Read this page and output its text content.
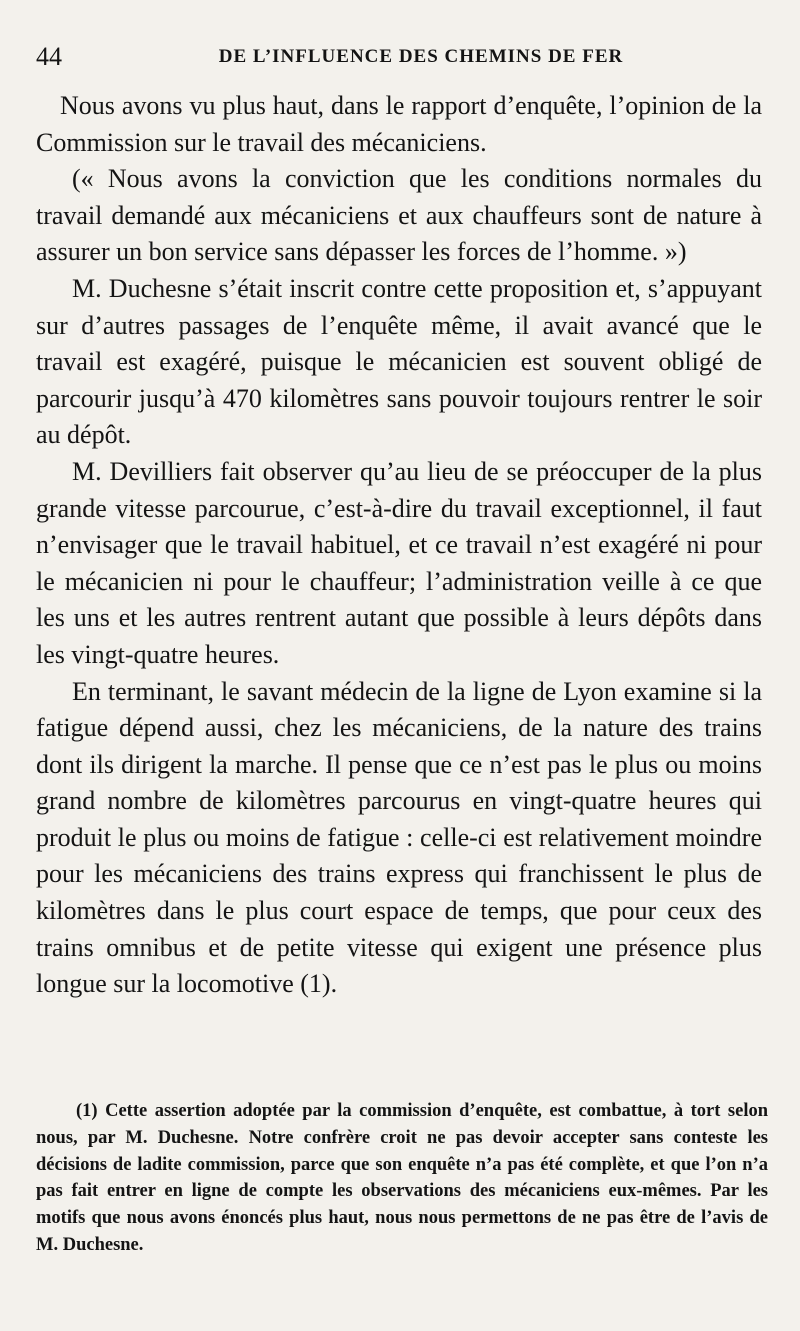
44	DE L’INFLUENCE DES CHEMINS DE FER

Nous avons vu plus haut, dans le rapport d’enquête, l’opinion de la Commission sur le travail des mécaniciens.

(« Nous avons la conviction que les conditions normales du travail demandé aux mécaniciens et aux chauffeurs sont de nature à assurer un bon service sans dépasser les forces de l’homme. »)

M. Duchesne s’était inscrit contre cette proposition et, s’appuyant sur d’autres passages de l’enquête même, il avait avancé que le travail est exagéré, puisque le mécanicien est souvent obligé de parcourir jusqu’à 470 kilomètres sans pouvoir toujours rentrer le soir au dépôt.

M. Devilliers fait observer qu’au lieu de se préoccuper de la plus grande vitesse parcourue, c’est-à-dire du travail exceptionnel, il faut n’envisager que le travail habituel, et ce travail n’est exagéré ni pour le mécanicien ni pour le chauffeur; l’administration veille à ce que les uns et les autres rentrent autant que possible à leurs dépôts dans les vingt-quatre heures.

En terminant, le savant médecin de la ligne de Lyon examine si la fatigue dépend aussi, chez les mécaniciens, de la nature des trains dont ils dirigent la marche. Il pense que ce n’est pas le plus ou moins grand nombre de kilomètres parcourus en vingt-quatre heures qui produit le plus ou moins de fatigue : celle-ci est relativement moindre pour les mécaniciens des trains express qui franchissent le plus de kilomètres dans le plus court espace de temps, que pour ceux des trains omnibus et de petite vitesse qui exigent une présence plus longue sur la locomotive (1).

(1) Cette assertion adoptée par la commission d’enquête, est combattue, à tort selon nous, par M. Duchesne. Notre confrère croit ne pas devoir accepter sans conteste les décisions de ladite commission, parce que son enquête n’a pas été complète, et que l’on n’a pas fait entrer en ligne de compte les observations des mécaniciens eux-mêmes. Par les motifs que nous avons énoncés plus haut, nous nous permettons de ne pas être de l’avis de M. Duchesne.
